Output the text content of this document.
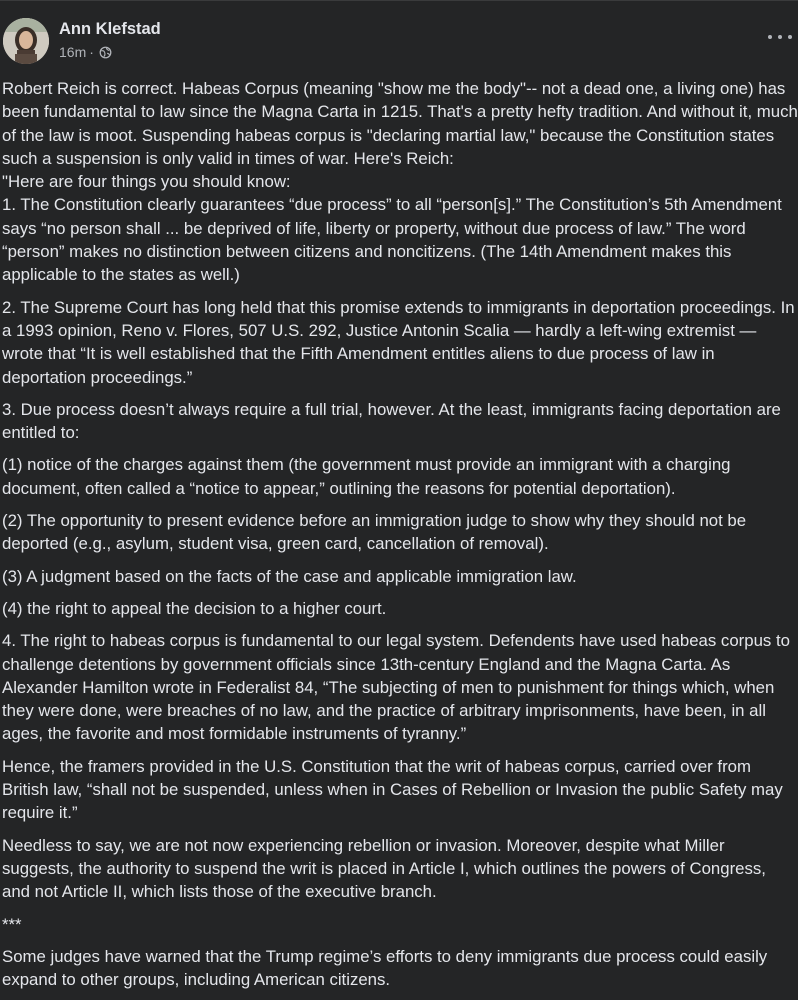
Ann Klefstad
16m ·

Robert Reich is correct. Habeas Corpus (meaning "show me the body"-- not a dead one, a living one) has been fundamental to law since the Magna Carta in 1215. That's a pretty hefty tradition. And without it, much of the law is moot. Suspending habeas corpus is "declaring martial law," because the Constitution states such a suspension is only valid in times of war. Here's Reich:
"Here are four things you should know:
1. The Constitution clearly guarantees “due process” to all “person[s].” The Constitution’s 5th Amendment says “no person shall ... be deprived of life, liberty or property, without due process of law.” The word “person” makes no distinction between citizens and noncitizens. (The 14th Amendment makes this applicable to the states as well.)

2. The Supreme Court has long held that this promise extends to immigrants in deportation proceedings. In a 1993 opinion, Reno v. Flores, 507 U.S. 292, Justice Antonin Scalia — hardly a left-wing extremist — wrote that “It is well established that the Fifth Amendment entitles aliens to due process of law in deportation proceedings.”

3. Due process doesn’t always require a full trial, however. At the least, immigrants facing deportation are entitled to:

(1) notice of the charges against them (the government must provide an immigrant with a charging document, often called a “notice to appear,” outlining the reasons for potential deportation).

(2) The opportunity to present evidence before an immigration judge to show why they should not be deported (e.g., asylum, student visa, green card, cancellation of removal).

(3) A judgment based on the facts of the case and applicable immigration law.

(4) the right to appeal the decision to a higher court.

4. The right to habeas corpus is fundamental to our legal system. Defendents have used habeas corpus to challenge detentions by government officials since 13th-century England and the Magna Carta. As Alexander Hamilton wrote in Federalist 84, “The subjecting of men to punishment for things which, when they were done, were breaches of no law, and the practice of arbitrary imprisonments, have been, in all ages, the favorite and most formidable instruments of tyranny.”

Hence, the framers provided in the U.S. Constitution that the writ of habeas corpus, carried over from British law, “shall not be suspended, unless when in Cases of Rebellion or Invasion the public Safety may require it.”

Needless to say, we are not now experiencing rebellion or invasion. Moreover, despite what Miller suggests, the authority to suspend the writ is placed in Article I, which outlines the powers of Congress, and not Article II, which lists those of the executive branch.

***

Some judges have warned that the Trump regime’s efforts to deny immigrants due process could easily expand to other groups, including American citizens.
